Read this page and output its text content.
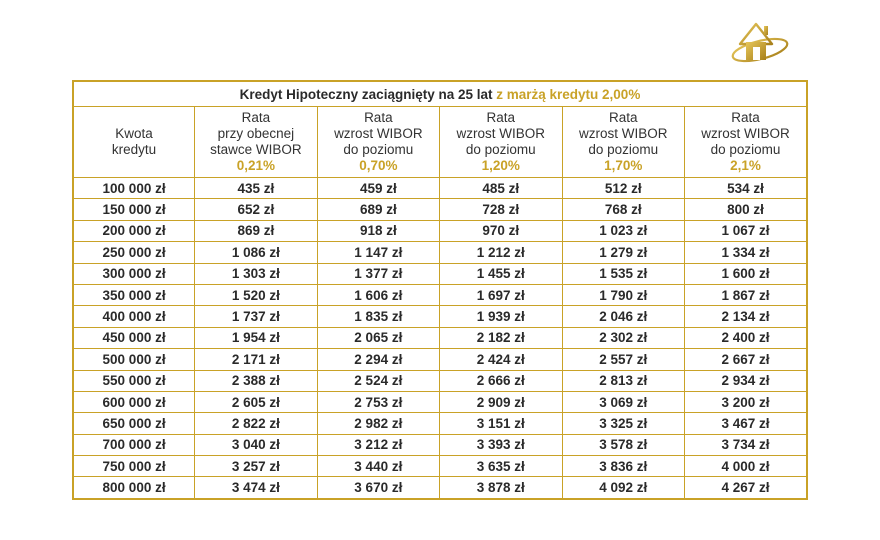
Kredyt Hipoteczny zaciągnięty na 25 lat z marżą kredytu 2,00%					

Kwota
kredytu	Rata
przy obecnej
stawce WIBOR
0,21%	Rata
wzrost WIBOR
do poziomu
0,70%	Rata
wzrost WIBOR
do poziomu
1,20%	Rata
wzrost WIBOR
do poziomu
1,70%	Rata
wzrost WIBOR
do poziomu
2,1%

100 000 zł	435 zł	459 zł	485 zł	512 zł	534 zł
150 000 zł	652 zł	689 zł	728 zł	768 zł	800 zł
200 000 zł	869 zł	918 zł	970 zł	1 023 zł	1 067 zł
250 000 zł	1 086 zł	1 147 zł	1 212 zł	1 279 zł	1 334 zł
300 000 zł	1 303 zł	1 377 zł	1 455 zł	1 535 zł	1 600 zł
350 000 zł	1 520 zł	1 606 zł	1 697 zł	1 790 zł	1 867 zł
400 000 zł	1 737 zł	1 835 zł	1 939 zł	2 046 zł	2 134 zł
450 000 zł	1 954 zł	2 065 zł	2 182 zł	2 302 zł	2 400 zł
500 000 zł	2 171 zł	2 294 zł	2 424 zł	2 557 zł	2 667 zł
550 000 zł	2 388 zł	2 524 zł	2 666 zł	2 813 zł	2 934 zł
600 000 zł	2 605 zł	2 753 zł	2 909 zł	3 069 zł	3 200 zł
650 000 zł	2 822 zł	2 982 zł	3 151 zł	3 325 zł	3 467 zł
700 000 zł	3 040 zł	3 212 zł	3 393 zł	3 578 zł	3 734 zł
750 000 zł	3 257 zł	3 440 zł	3 635 zł	3 836 zł	4 000 zł
800 000 zł	3 474 zł	3 670 zł	3 878 zł	4 092 zł	4 267 zł
